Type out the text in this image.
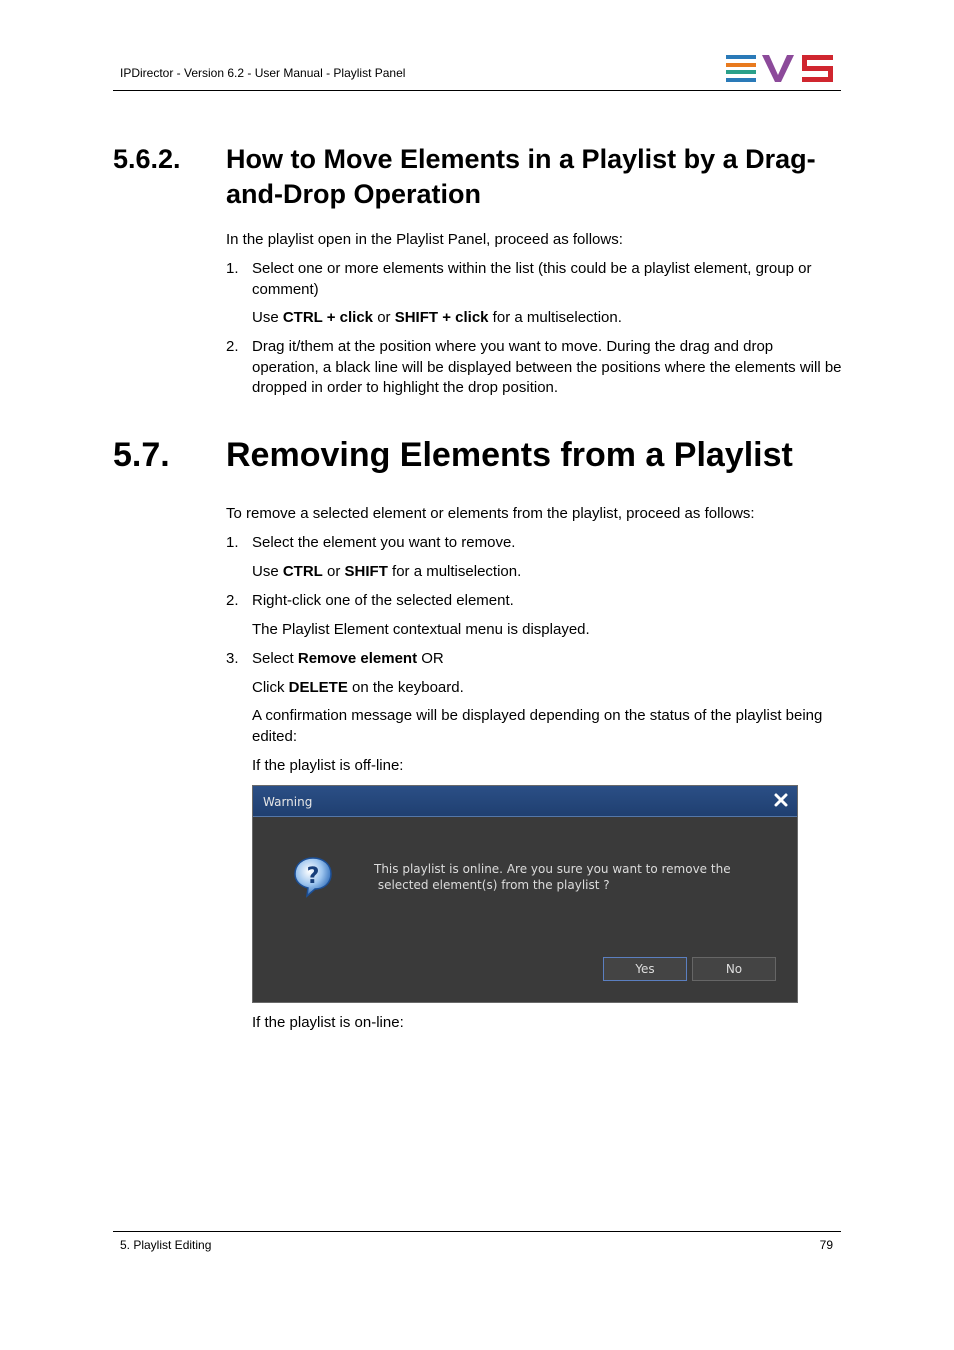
IPDirector - Version 6.2 - User Manual - Playlist Panel
5.6.2. How to Move Elements in a Playlist by a Drag-and-Drop Operation
In the playlist open in the Playlist Panel, proceed as follows:
1. Select one or more elements within the list (this could be a playlist element, group or comment)
Use CTRL + click or SHIFT + click for a multiselection.
2. Drag it/them at the position where you want to move. During the drag and drop operation, a black line will be displayed between the positions where the elements will be dropped in order to highlight the drop position.
5.7. Removing Elements from a Playlist
To remove a selected element or elements from the playlist, proceed as follows:
1. Select the element you want to remove.
Use CTRL or SHIFT for a multiselection.
2. Right-click one of the selected element.
The Playlist Element contextual menu is displayed.
3. Select Remove element OR
Click DELETE on the keyboard.
A confirmation message will be displayed depending on the status of the playlist being edited:
If the playlist is off-line:
Warning
?	This playlist is online. Are you sure you want to remove the
selected element(s) from the playlist ?
Yes	No
If the playlist is on-line:
5. Playlist Editing	79
